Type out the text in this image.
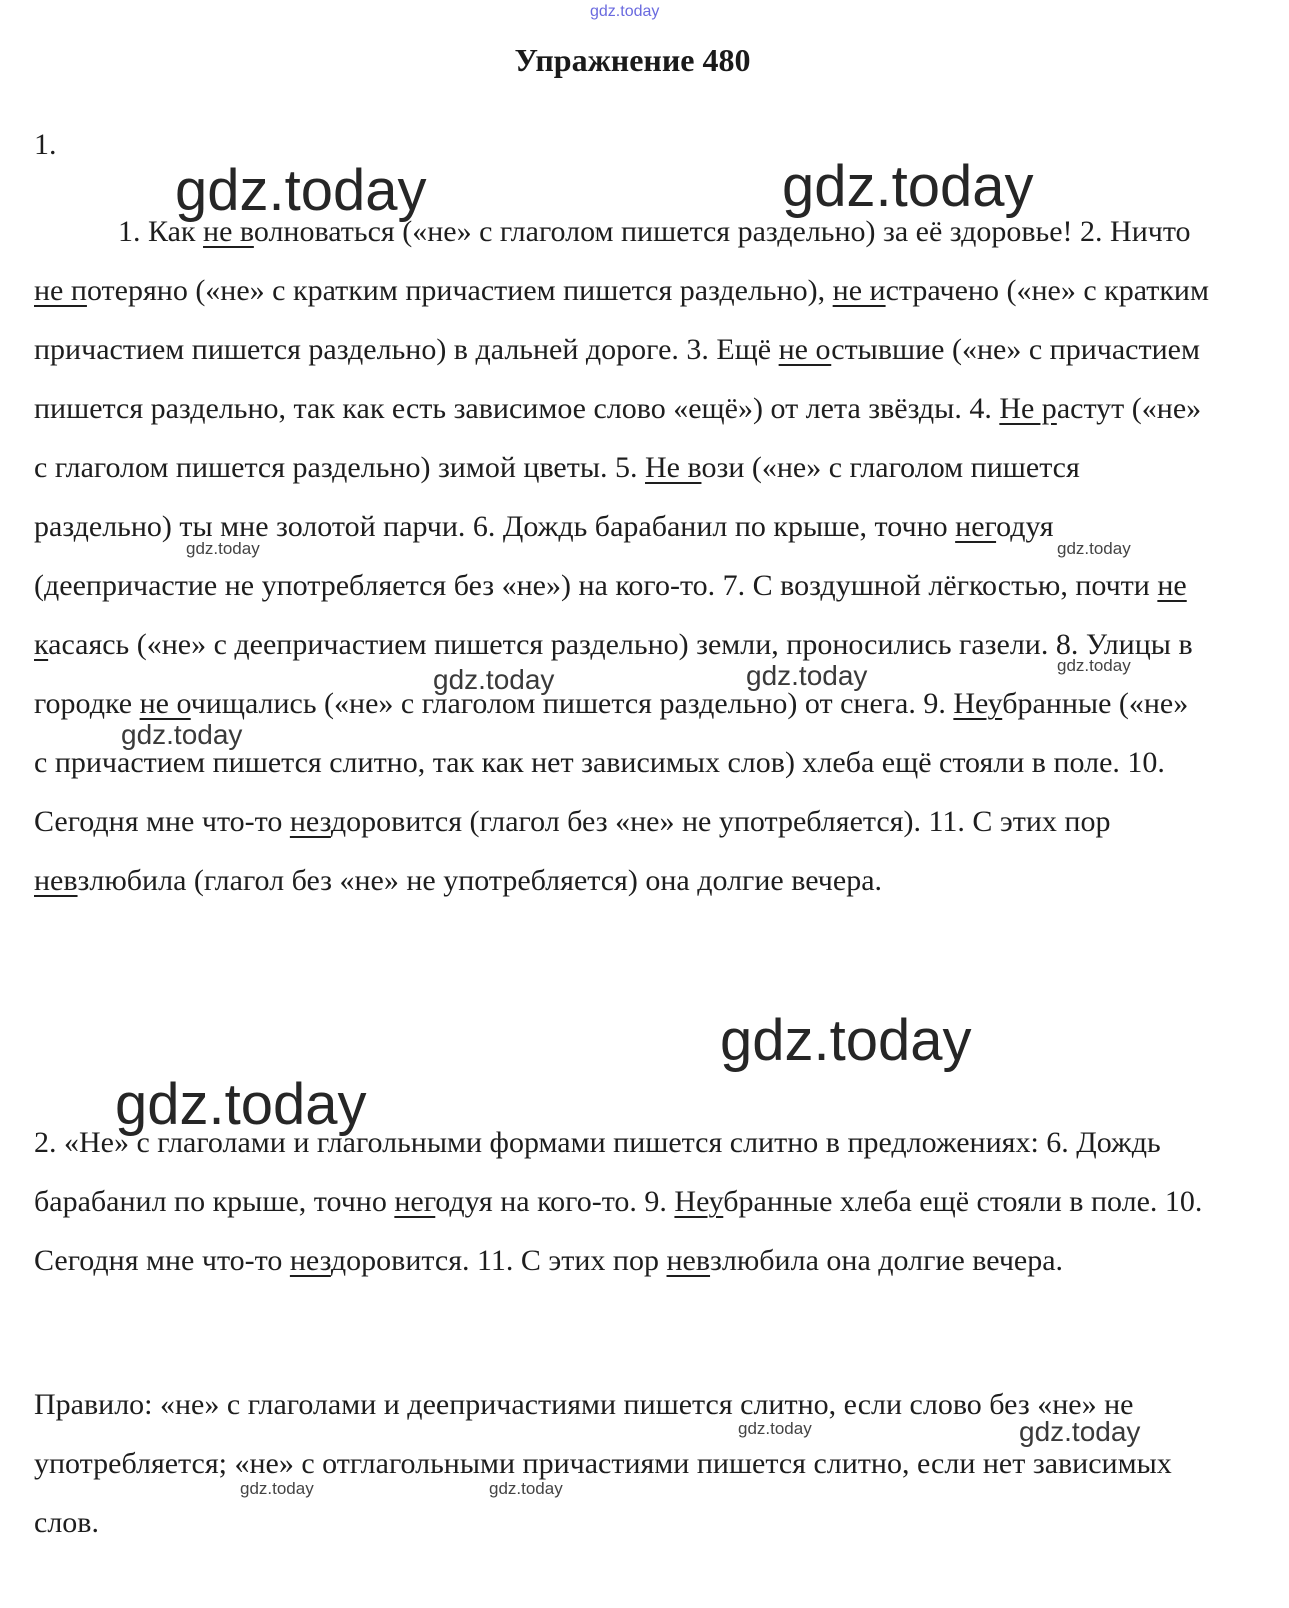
gdz.today
Упражнение 480
1.

1. Как не волноваться («не» с глаголом пишется раздельно) за её здоровье! 2. Ничто не потеряно («не» с кратким причастием пишется раздельно), не истрачено («не» с кратким причастием пишется раздельно) в дальней дороге. 3. Ещё не остывшие («не» с причастием пишется раздельно, так как есть зависимое слово «ещё») от лета звёзды. 4. Не растут («не» с глаголом пишется раздельно) зимой цветы. 5. Не вози («не» с глаголом пишется раздельно) ты мне золотой парчи. 6. Дождь барабанил по крыше, точно негодуя (деепричастие не употребляется без «не») на кого-то. 7. С воздушной лёгкостью, почти не касаясь («не» с деепричастием пишется раздельно) земли, проносились газели. 8. Улицы в городке не очищались («не» с глаголом пишется раздельно) от снега. 9. Неубранные («не» с причастием пишется слитно, так как нет зависимых слов) хлеба ещё стояли в поле. 10. Сегодня мне что-то нездоровится (глагол без «не» не употребляется). 11. С этих пор невзлюбила (глагол без «не» не употребляется) она долгие вечера.

2. «Не» с глаголами и глагольными формами пишется слитно в предложениях: 6. Дождь барабанил по крыше, точно негодуя на кого-то. 9. Неубранные хлеба ещё стояли в поле. 10. Сегодня мне что-то нездоровится. 11. С этих пор невзлюбила она долгие вечера.

Правило: «не» с глаголами и деепричастиями пишется слитно, если слово без «не» не употребляется; «не» с отглагольными причастиями пишется слитно, если нет зависимых слов.

gdz.today	gdz.today
gdz.today	gdz.today
gdz.today
gdz.today	gdz.today
gdz.today
gdz.today
gdz.today
gdz.today
gdz.today
gdz.today	gdz.today
